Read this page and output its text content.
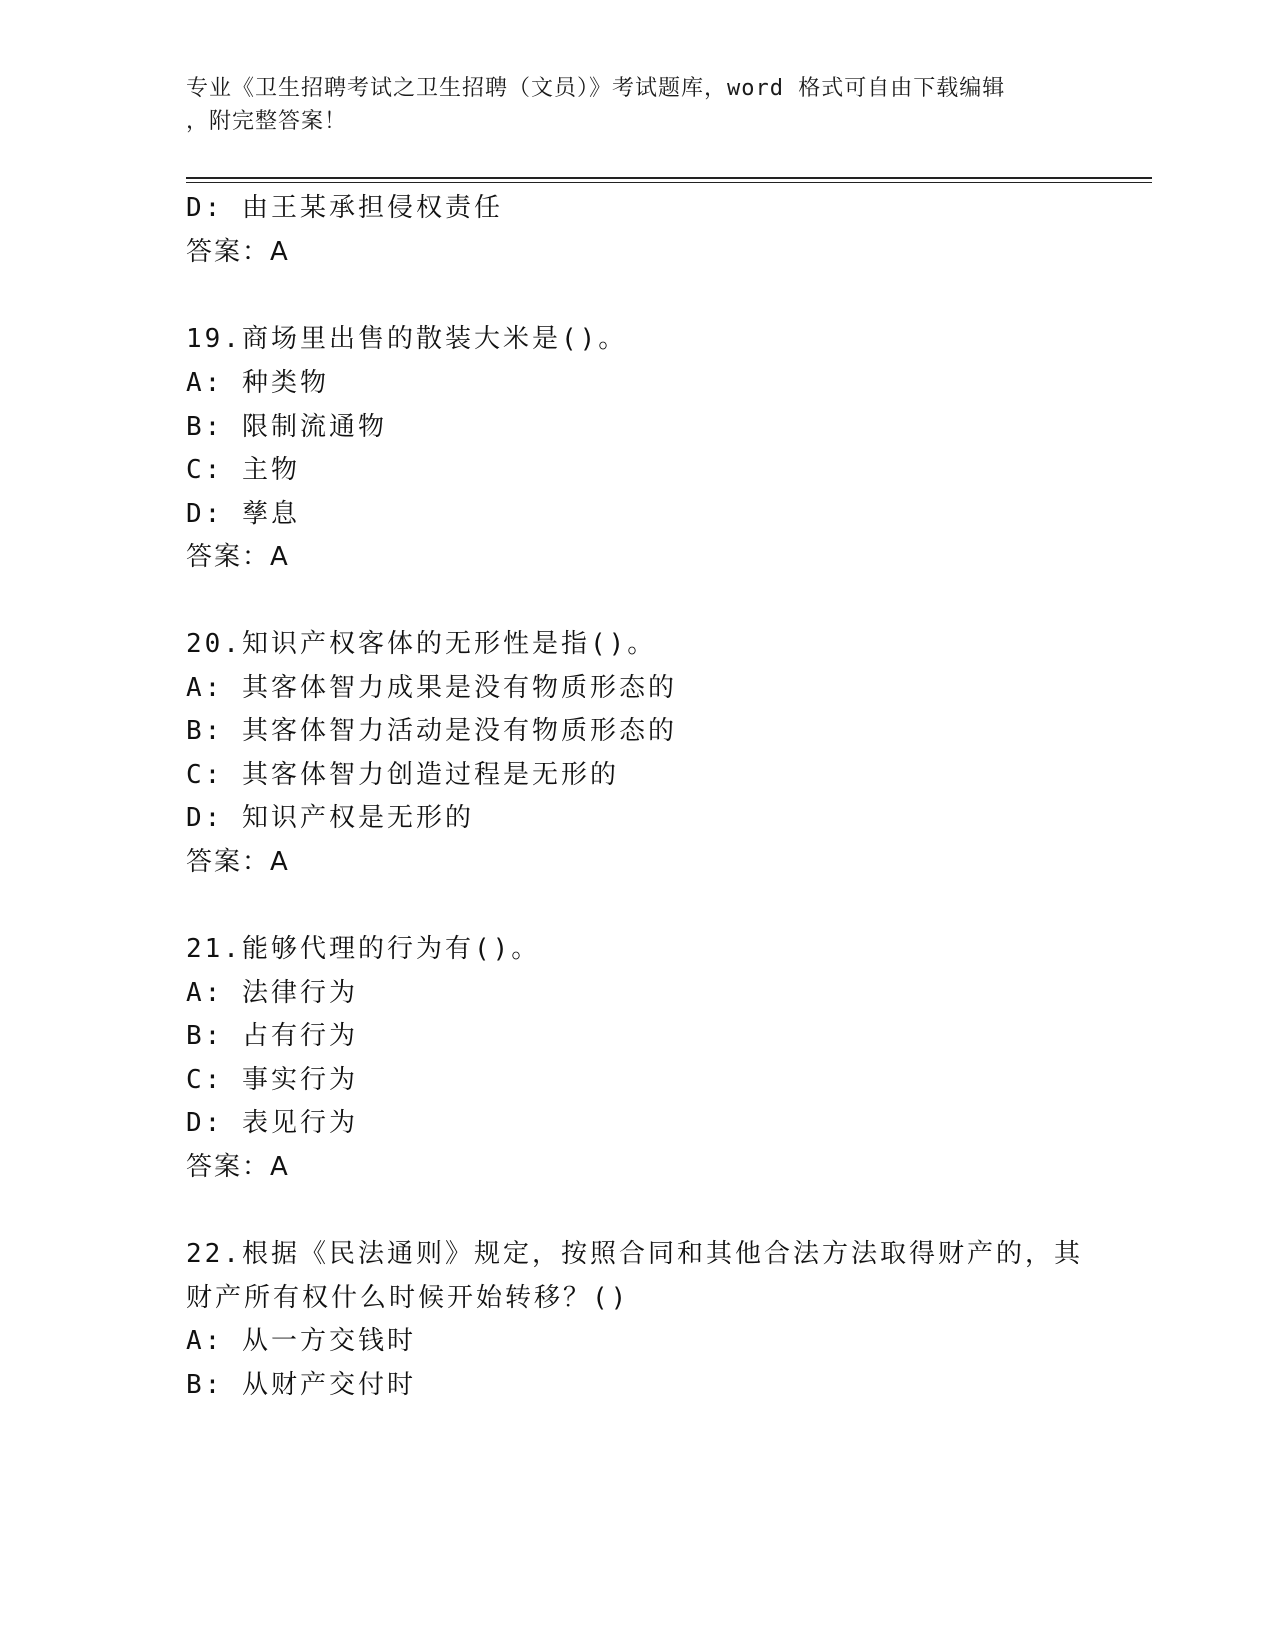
专业《卫生招聘考试之卫生招聘（文员）》考试题库，word 格式可自由下载编辑
，附完整答案！
D: 由王某承担侵权责任
答案：A
19.商场里出售的散装大米是()。
A: 种类物
B: 限制流通物
C: 主物
D: 孳息
答案：A
20.知识产权客体的无形性是指()。
A: 其客体智力成果是没有物质形态的
B: 其客体智力活动是没有物质形态的
C: 其客体智力创造过程是无形的
D: 知识产权是无形的
答案：A
21.能够代理的行为有()。
A: 法律行为
B: 占有行为
C: 事实行为
D: 表见行为
答案：A
22.根据《民法通则》规定，按照合同和其他合法方法取得财产的，其
财产所有权什么时候开始转移？()
A: 从一方交钱时
B: 从财产交付时
